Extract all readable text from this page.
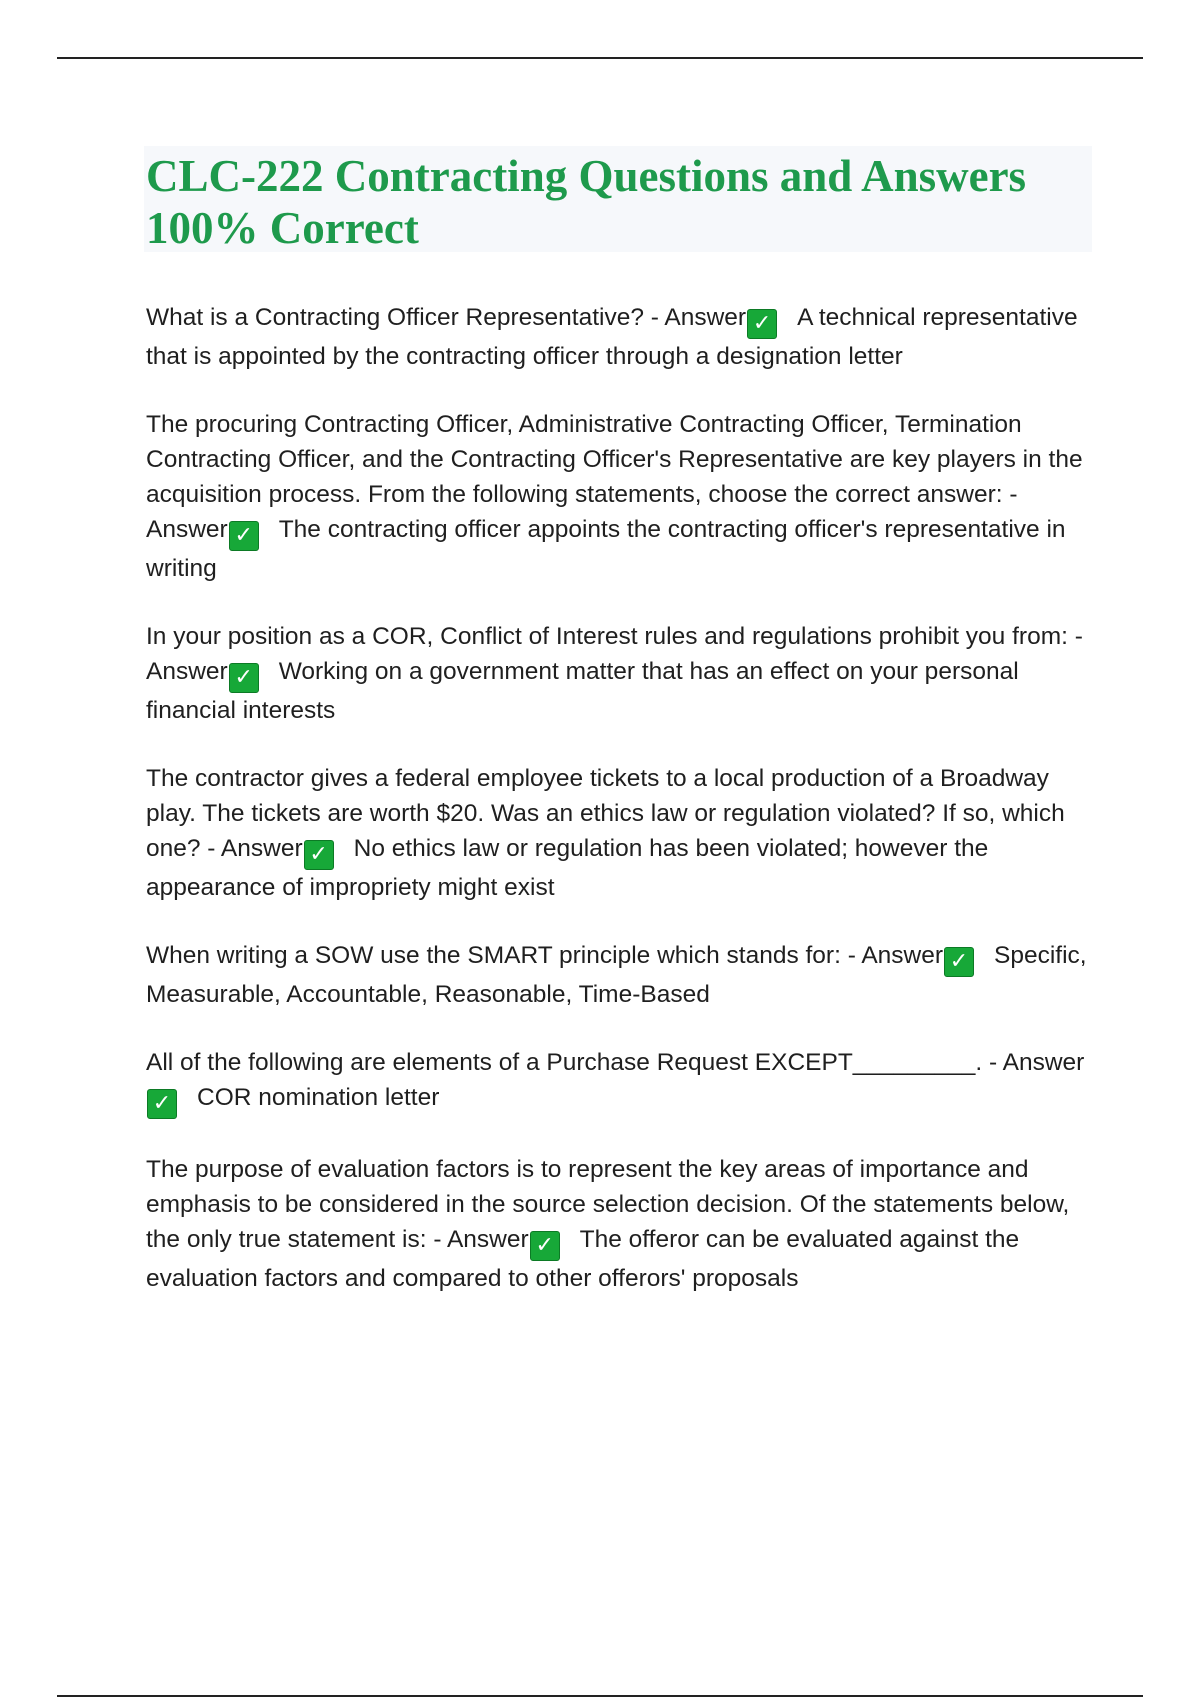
CLC-222 Contracting Questions and Answers 100% Correct

What is a Contracting Officer Representative? - Answer ✓ A technical representative that is appointed by the contracting officer through a designation letter

The procuring Contracting Officer, Administrative Contracting Officer, Termination Contracting Officer, and the Contracting Officer's Representative are key players in the acquisition process. From the following statements, choose the correct answer: - Answer ✓ The contracting officer appoints the contracting officer's representative in writing

In your position as a COR, Conflict of Interest rules and regulations prohibit you from: - Answer ✓ Working on a government matter that has an effect on your personal financial interests

The contractor gives a federal employee tickets to a local production of a Broadway play. The tickets are worth $20. Was an ethics law or regulation violated? If so, which one? - Answer ✓ No ethics law or regulation has been violated; however the appearance of impropriety might exist

When writing a SOW use the SMART principle which stands for: - Answer ✓ Specific, Measurable, Accountable, Reasonable, Time-Based

All of the following are elements of a Purchase Request EXCEPT_________. - Answer✓ COR nomination letter

The purpose of evaluation factors is to represent the key areas of importance and emphasis to be considered in the source selection decision. Of the statements below, the only true statement is: - Answer ✓ The offeror can be evaluated against the evaluation factors and compared to other offerors' proposals
